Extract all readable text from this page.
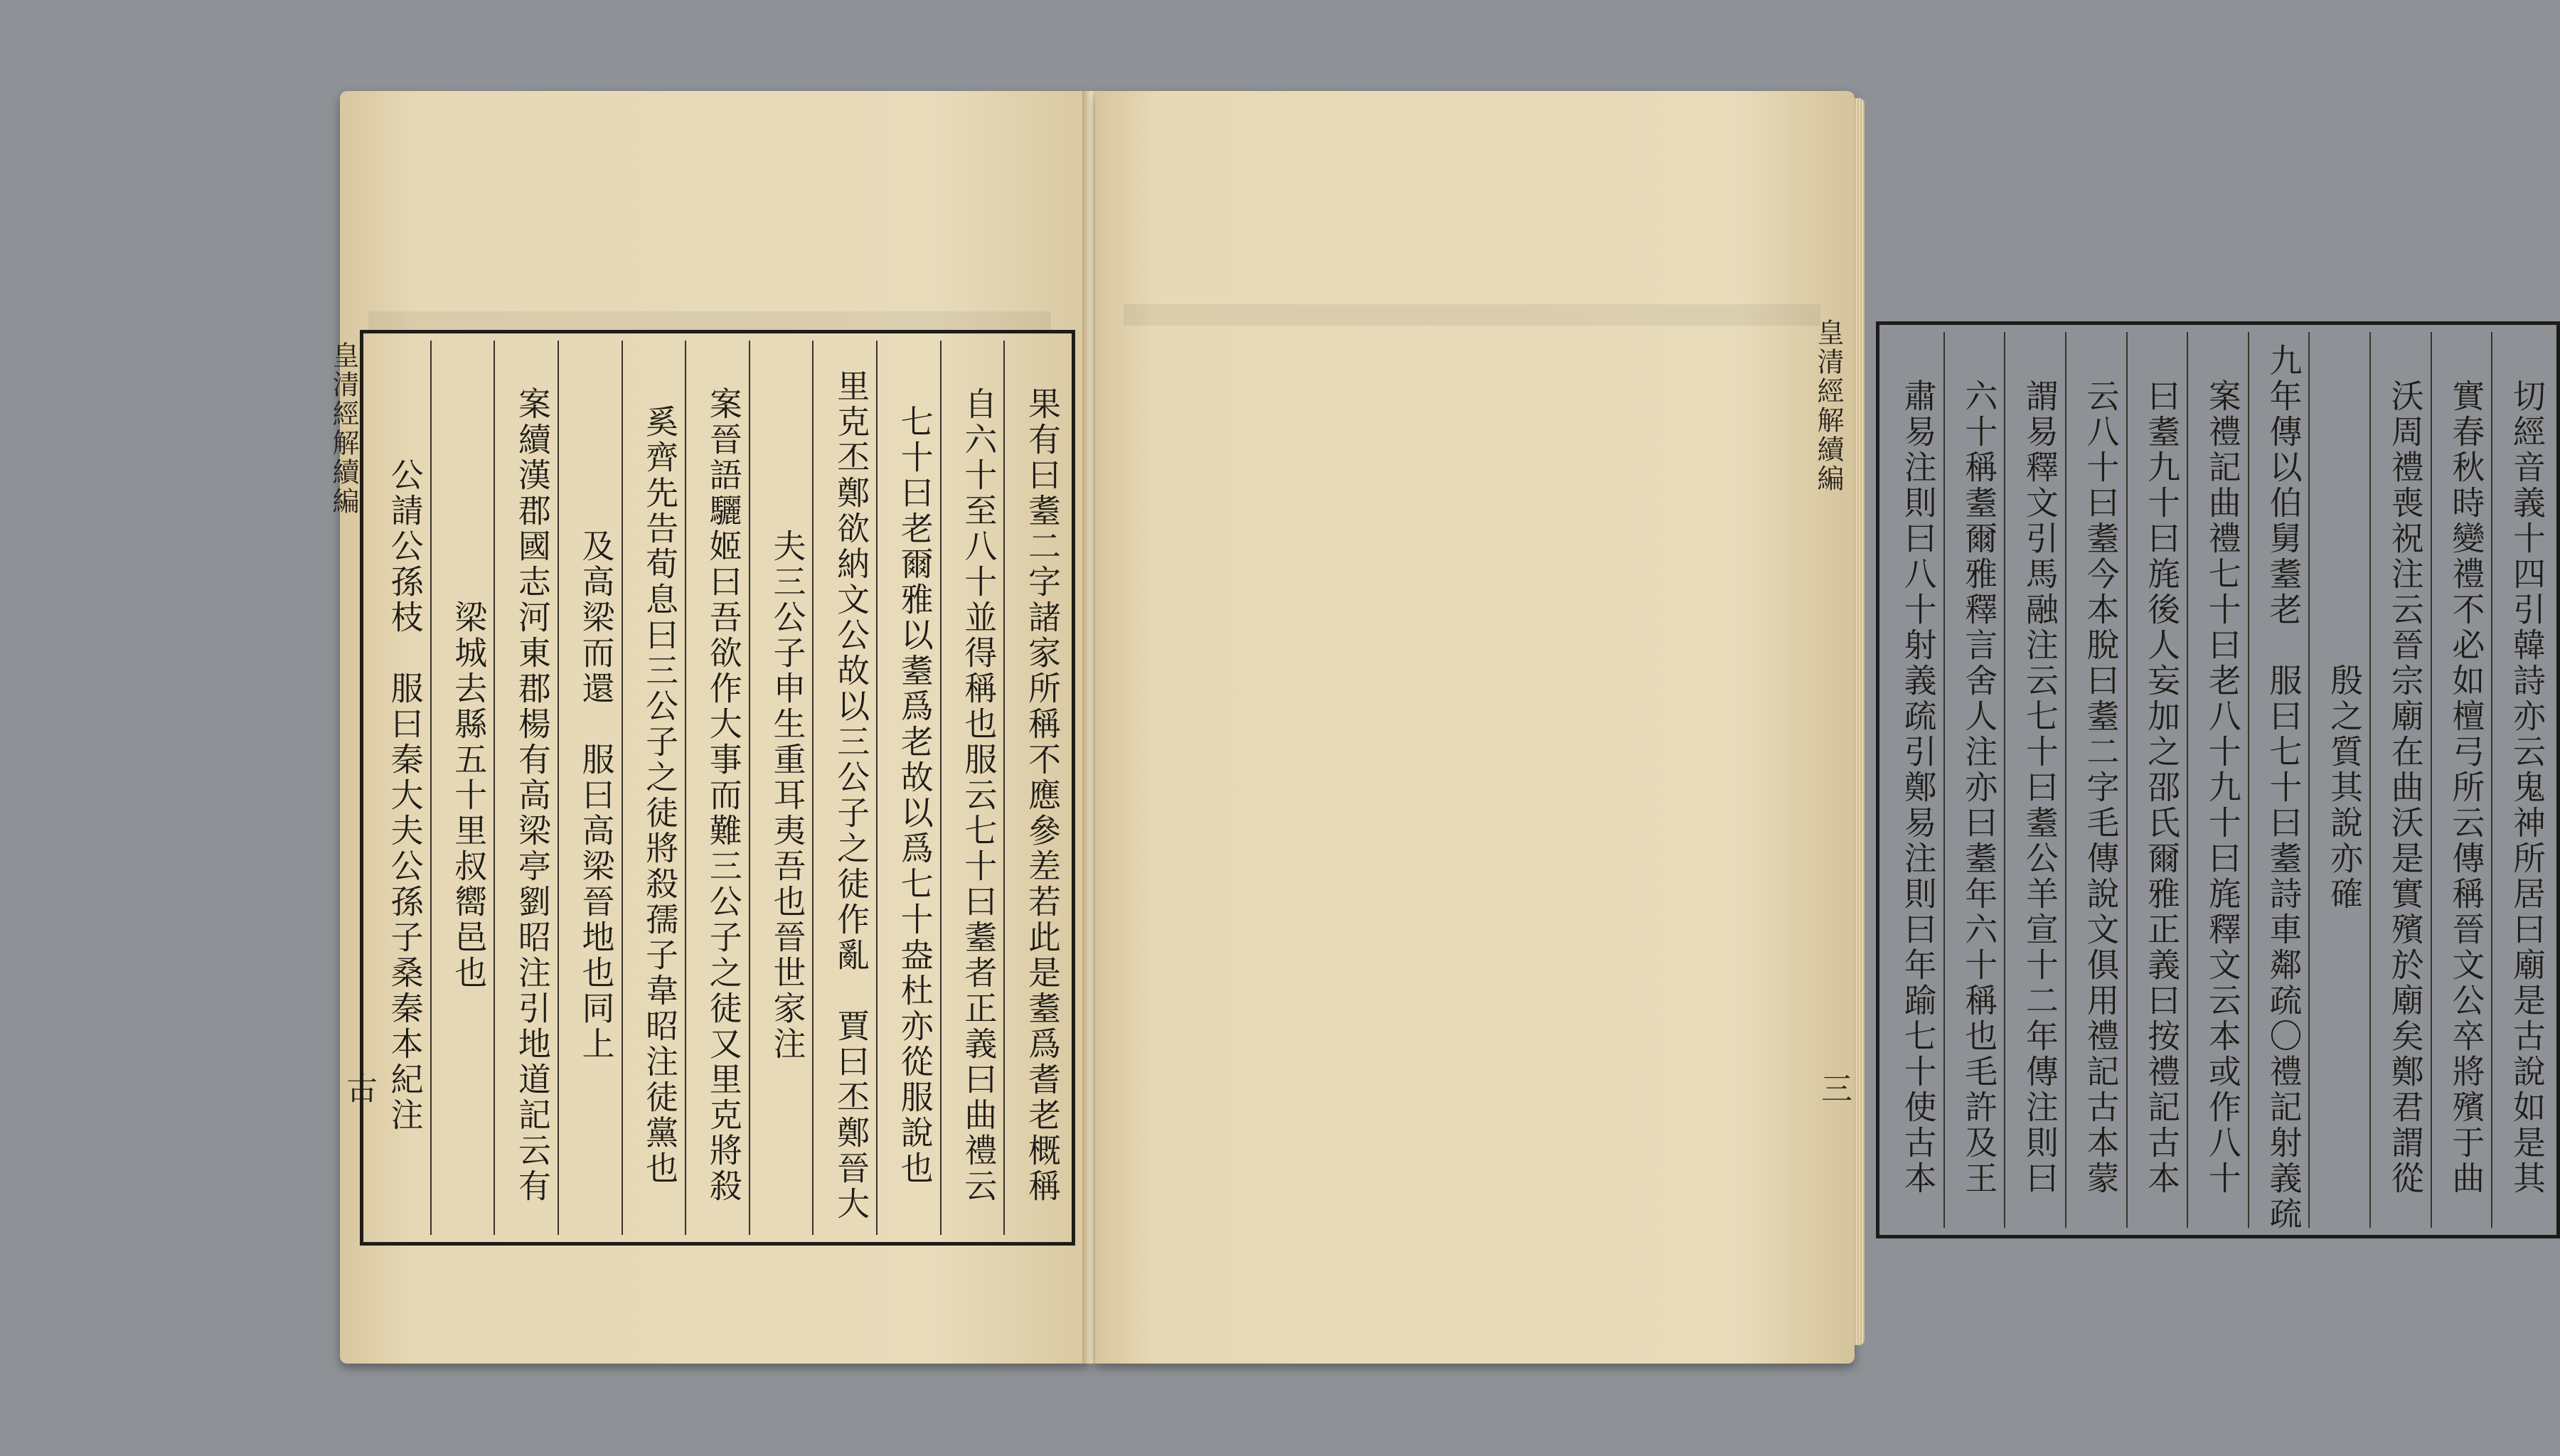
皇清經解續編
古	果有曰耋二字諸家所稱不應參差若此是耋爲耆老概稱
自六十至八十並得稱也服云七十曰耋者正義曰曲禮云
七十曰老爾雅以耋爲老故以爲七十盎杜亦從服說也
里克丕鄭欲納文公故以三公子之徒作亂　賈曰丕鄭晉大
夫三公子申生重耳夷吾也晉世家注
案晉語驪姬曰吾欲作大事而難三公子之徒又里克將殺
奚齊先告荀息曰三公子之徒將殺孺子韋昭注徒黨也
及高梁而還　服曰高梁晉地也同上
案續漢郡國志河東郡楊有高梁亭劉昭注引地道記云有
梁城去縣五十里叔嚮邑也
公請公孫枝　服曰秦大夫公孫子桑秦本紀注
皇清經解續編
三	切經音義十四引韓詩亦云鬼神所居曰廟是古說如是其
實春秋時變禮不必如檀弓所云傳稱晉文公卒將殯于曲
沃周禮喪祝注云晉宗廟在曲沃是實殯於廟矣鄭君謂從
殷之質其說亦確
九年傳以伯舅耋老　服曰七十曰耋詩車鄰疏〇禮記射義疏
案禮記曲禮七十曰老八十九十曰旄釋文云本或作八十
曰耋九十曰旄後人妄加之邵氏爾雅正義曰按禮記古本
云八十曰耋今本脫曰耋二字毛傳說文俱用禮記古本蒙
謂易釋文引馬融注云七十曰耋公羊宣十二年傳注則曰
六十稱耋爾雅釋言舍人注亦曰耋年六十稱也毛許及王
肅易注則曰八十射義疏引鄭易注則曰年踰七十使古本
